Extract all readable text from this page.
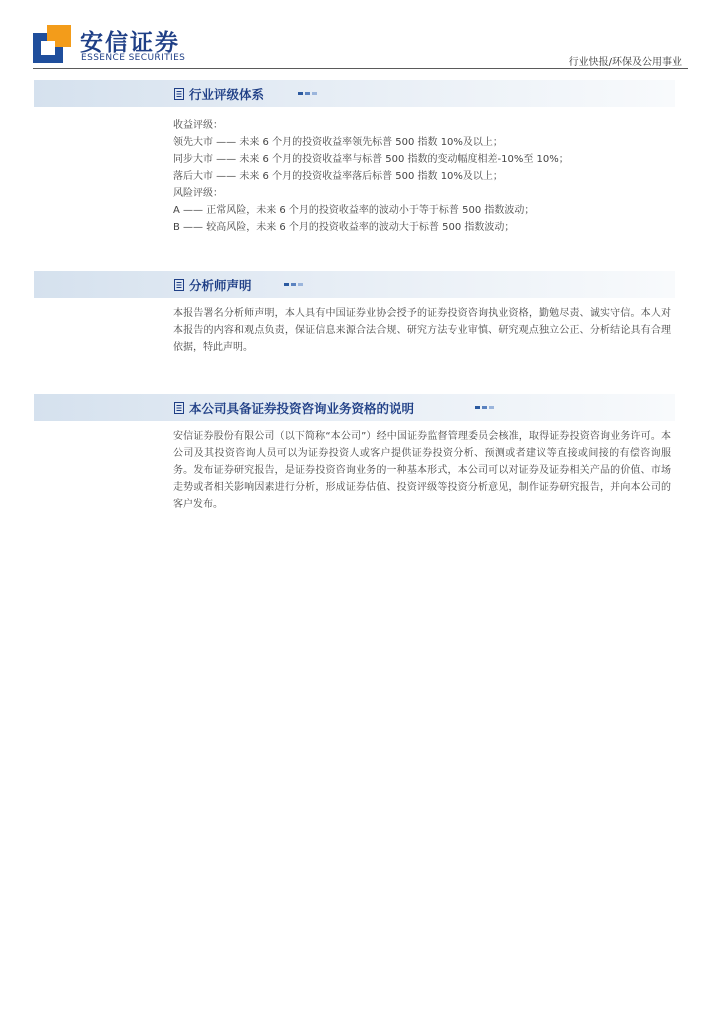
安信证券
ESSENCE SECURITIES	行业快报/环保及公用事业
行业评级体系
收益评级：
领先大市 —— 未来 6 个月的投资收益率领先标普 500 指数 10%及以上；
同步大市 —— 未来 6 个月的投资收益率与标普 500 指数的变动幅度相差-10%至 10%；
落后大市 —— 未来 6 个月的投资收益率落后标普 500 指数 10%及以上；
风险评级：
A —— 正常风险，未来 6 个月的投资收益率的波动小于等于标普 500 指数波动；
B —— 较高风险，未来 6 个月的投资收益率的波动大于标普 500 指数波动；
分析师声明
本报告署名分析师声明，本人具有中国证券业协会授予的证券投资咨询执业资格，勤勉尽责、诚实守信。本人对本报告的内容和观点负责，保证信息来源合法合规、研究方法专业审慎、研究观点独立公正、分析结论具有合理依据，特此声明。
本公司具备证券投资咨询业务资格的说明
安信证券股份有限公司（以下简称“本公司”）经中国证券监督管理委员会核准，取得证券投资咨询业务许可。本公司及其投资咨询人员可以为证券投资人或客户提供证券投资分析、预测或者建议等直接或间接的有偿咨询服务。发布证券研究报告，是证券投资咨询业务的一种基本形式，本公司可以对证券及证券相关产品的价值、市场走势或者相关影响因素进行分析，形成证券估值、投资评级等投资分析意见，制作证券研究报告，并向本公司的客户发布。
